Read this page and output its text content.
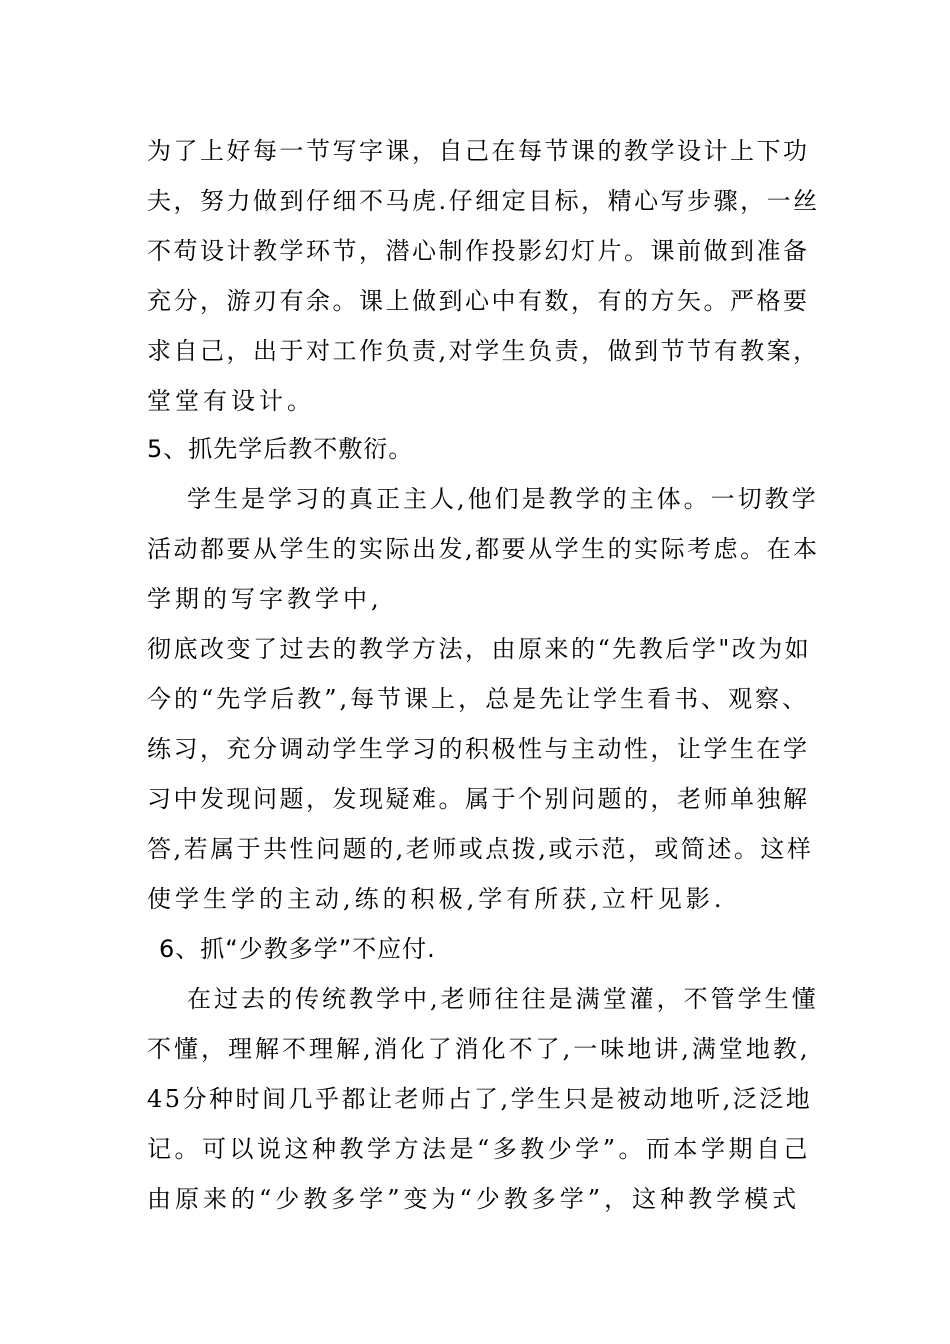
为了上好每一节写字课，自己在每节课的教学设计上下功

夫，努力做到仔细不马虎.仔细定目标，精心写步骤，一丝

不苟设计教学环节，潜心制作投影幻灯片。课前做到准备

充分，游刃有余。课上做到心中有数，有的方矢。严格要

求自己，出于对工作负责,对学生负责，做到节节有教案，

堂堂有设计。

5、抓先学后教不敷衍。

学生是学习的真正主人,他们是教学的主体。一切教学

活动都要从学生的实际出发,都要从学生的实际考虑。在本

学期的写字教学中,

彻底改变了过去的教学方法，由原来的“先教后学"改为如

今的“先学后教”,每节课上，总是先让学生看书、观察、

练习，充分调动学生学习的积极性与主动性，让学生在学

习中发现问题，发现疑难。属于个别问题的，老师单独解

答,若属于共性问题的,老师或点拨,或示范，或简述。这样

使学生学的主动,练的积极,学有所获,立杆见影.

6、抓“少教多学”不应付.

在过去的传统教学中,老师往往是满堂灌，不管学生懂

不懂，理解不理解,消化了消化不了,一味地讲,满堂地教,

45分种时间几乎都让老师占了,学生只是被动地听,泛泛地

记。可以说这种教学方法是“多教少学”。而本学期自己

由原来的“少教多学”变为“少教多学”，这种教学模式
